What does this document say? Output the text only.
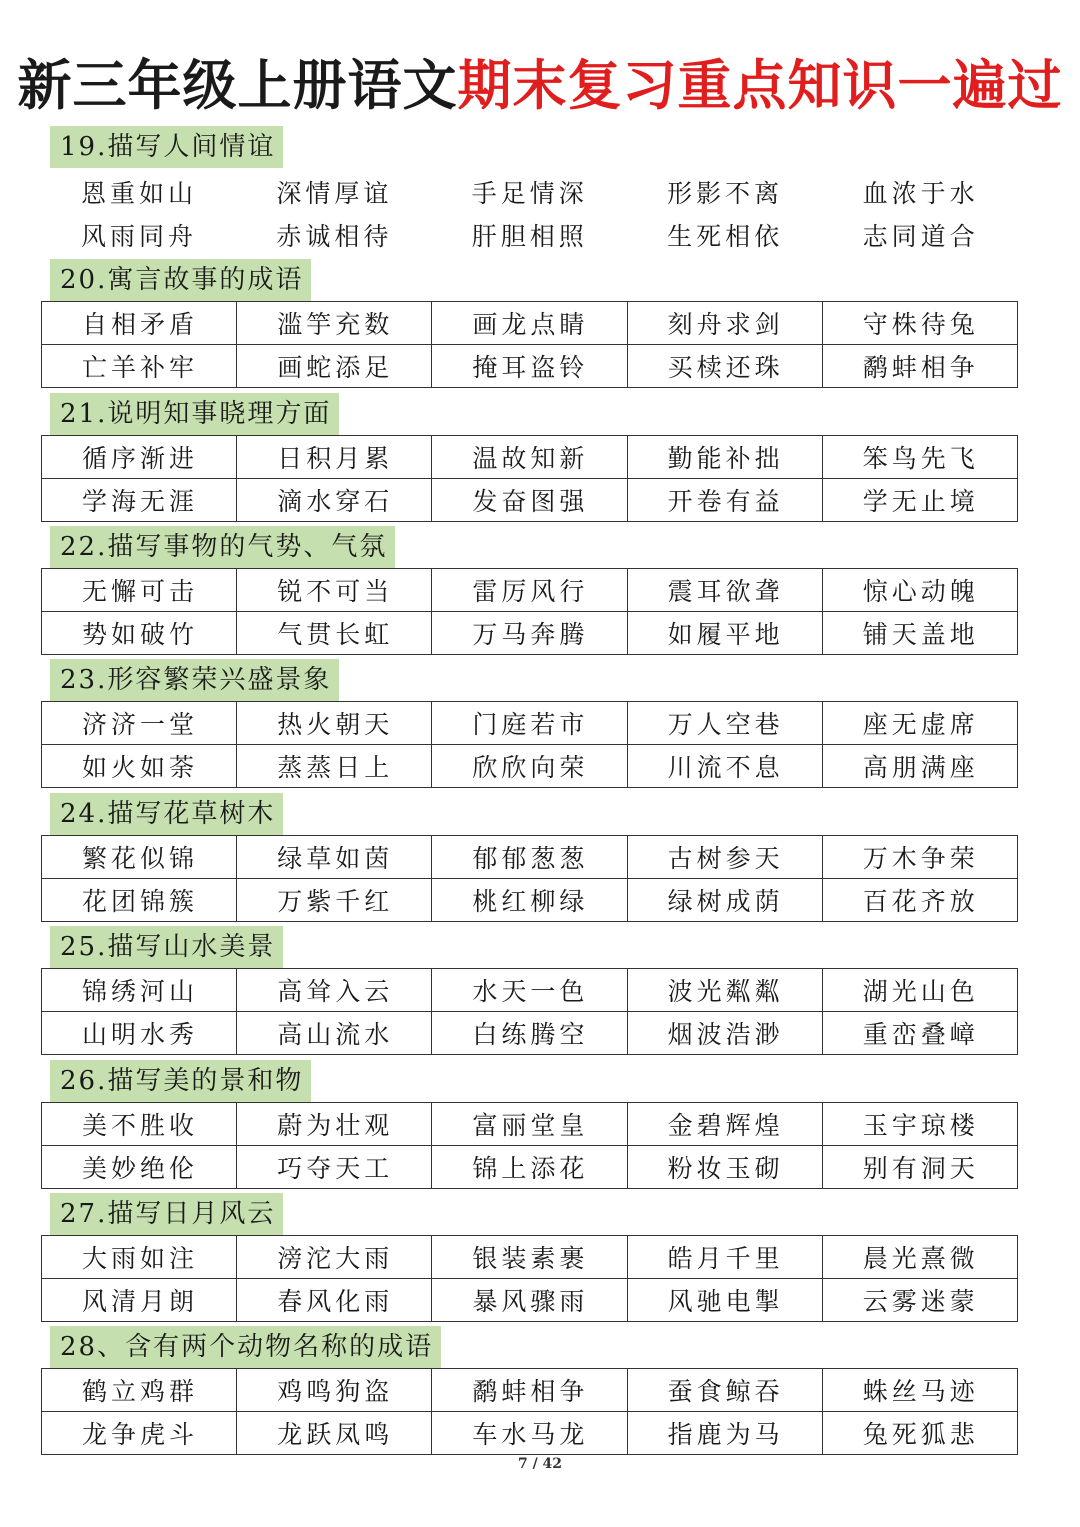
新三年级上册语文期末复习重点知识一遍过
19.描写人间情谊
恩重如山	深情厚谊	手足情深	形影不离	血浓于水
风雨同舟	赤诚相待	肝胆相照	生死相依	志同道合
20.寓言故事的成语
自相矛盾	滥竽充数	画龙点睛	刻舟求剑	守株待兔
亡羊补牢	画蛇添足	掩耳盗铃	买椟还珠	鹬蚌相争
21.说明知事晓理方面
循序渐进	日积月累	温故知新	勤能补拙	笨鸟先飞
学海无涯	滴水穿石	发奋图强	开卷有益	学无止境
22.描写事物的气势、气氛
无懈可击	锐不可当	雷厉风行	震耳欲聋	惊心动魄
势如破竹	气贯长虹	万马奔腾	如履平地	铺天盖地
23.形容繁荣兴盛景象
济济一堂	热火朝天	门庭若市	万人空巷	座无虚席
如火如荼	蒸蒸日上	欣欣向荣	川流不息	高朋满座
24.描写花草树木
繁花似锦	绿草如茵	郁郁葱葱	古树参天	万木争荣
花团锦簇	万紫千红	桃红柳绿	绿树成荫	百花齐放
25.描写山水美景
锦绣河山	高耸入云	水天一色	波光粼粼	湖光山色
山明水秀	高山流水	白练腾空	烟波浩渺	重峦叠嶂
26.描写美的景和物
美不胜收	蔚为壮观	富丽堂皇	金碧辉煌	玉宇琼楼
美妙绝伦	巧夺天工	锦上添花	粉妆玉砌	别有洞天
27.描写日月风云
大雨如注	滂沱大雨	银装素裹	皓月千里	晨光熹微
风清月朗	春风化雨	暴风骤雨	风驰电掣	云雾迷蒙
28、含有两个动物名称的成语
鹤立鸡群	鸡鸣狗盗	鹬蚌相争	蚕食鲸吞	蛛丝马迹
龙争虎斗	龙跃凤鸣	车水马龙	指鹿为马	兔死狐悲
7 / 42
